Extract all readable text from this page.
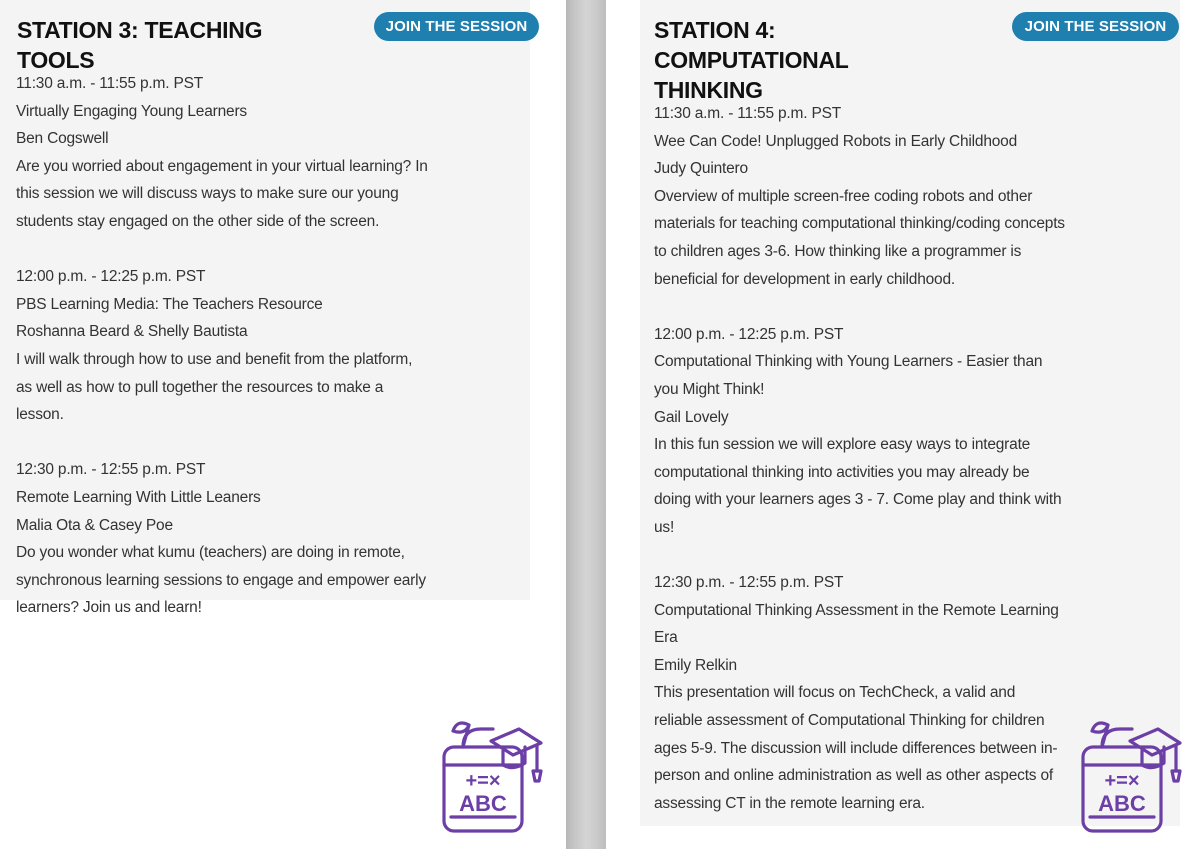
STATION 3: TEACHING TOOLS
JOIN THE SESSION
11:30 a.m. - 11:55 p.m. PST
Virtually Engaging Young Learners
Ben Cogswell
Are you worried about engagement in your virtual learning? In this session we will discuss ways to make sure our young students stay engaged on the other side of the screen.
12:00 p.m. - 12:25 p.m. PST
PBS Learning Media: The Teachers Resource
Roshanna Beard & Shelly Bautista
I will walk through how to use and benefit from the platform, as well as how to pull together the resources to make a lesson.
12:30 p.m. - 12:55 p.m. PST
Remote Learning With Little Leaners
Malia Ota & Casey Poe
Do you wonder what kumu (teachers) are doing in remote, synchronous learning sessions to engage and empower early learners? Join us and learn!
+=×
ABC
STATION 4: COMPUTATIONAL THINKING
JOIN THE SESSION
11:30 a.m. - 11:55 p.m. PST
Wee Can Code! Unplugged Robots in Early Childhood
Judy Quintero
Overview of multiple screen-free coding robots and other materials for teaching computational thinking/coding concepts to children ages 3-6. How thinking like a programmer is beneficial for development in early childhood.
12:00 p.m. - 12:25 p.m. PST
Computational Thinking with Young Learners - Easier than you Might Think!
Gail Lovely
In this fun session we will explore easy ways to integrate computational thinking into activities you may already be doing with your learners ages 3 - 7. Come play and think with us!
12:30 p.m. - 12:55 p.m. PST
Computational Thinking Assessment in the Remote Learning Era
Emily Relkin
This presentation will focus on TechCheck, a valid and reliable assessment of Computational Thinking for children ages 5-9. The discussion will include differences between in-person and online administration as well as other aspects of assessing CT in the remote learning era.
+=×
ABC
